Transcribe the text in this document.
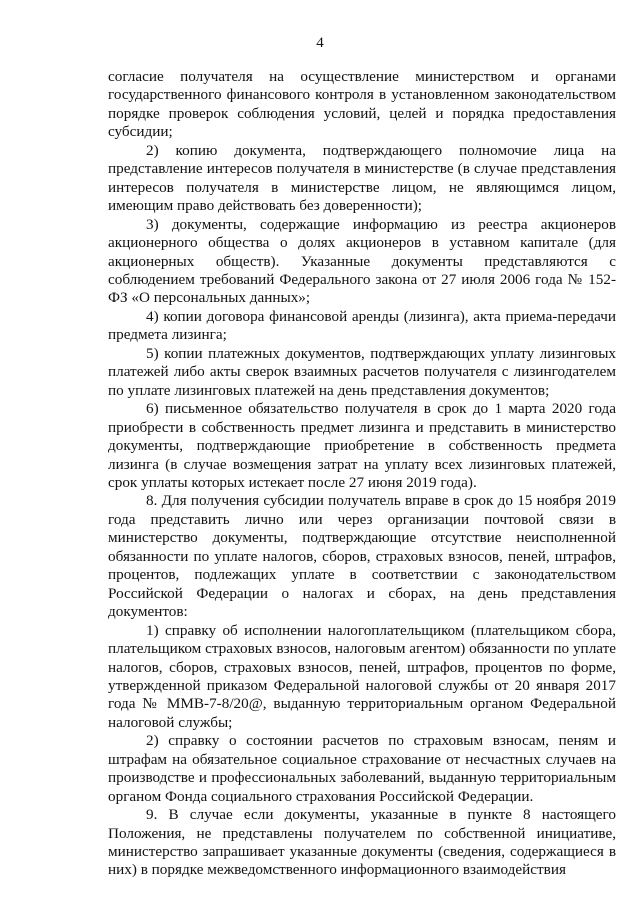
4

согласие получателя на осуществление министерством и органами государственного финансового контроля в установленном законодательством порядке проверок соблюдения условий, целей и порядка предоставления субсидии;

2) копию документа, подтверждающего полномочие лица на представление интересов получателя в министерстве (в случае представления интересов получателя в министерстве лицом, не являющимся лицом, имеющим право действовать без доверенности);

3) документы, содержащие информацию из реестра акционеров акционерного общества о долях акционеров в уставном капитале (для акционерных обществ). Указанные документы представляются с соблюдением требований Федерального закона от 27 июля 2006 года № 152-ФЗ «О персональных данных»;

4) копии договора финансовой аренды (лизинга), акта приема-передачи предмета лизинга;

5) копии платежных документов, подтверждающих уплату лизинговых платежей либо акты сверок взаимных расчетов получателя с лизингодателем по уплате лизинговых платежей на день представления документов;

6) письменное обязательство получателя в срок до 1 марта 2020 года приобрести в собственность предмет лизинга и представить в министерство документы, подтверждающие приобретение в собственность предмета лизинга (в случае возмещения затрат на уплату всех лизинговых платежей, срок уплаты которых истекает после 27 июня 2019 года).

8. Для получения субсидии получатель вправе в срок до 15 ноября 2019 года представить лично или через организации почтовой связи в министерство документы, подтверждающие отсутствие неисполненной обязанности по уплате налогов, сборов, страховых взносов, пеней, штрафов, процентов, подлежащих уплате в соответствии с законодательством Российской Федерации о налогах и сборах, на день представления документов:

1) справку об исполнении налогоплательщиком (плательщиком сбора, плательщиком страховых взносов, налоговым агентом) обязанности по уплате налогов, сборов, страховых взносов, пеней, штрафов, процентов по форме, утвержденной приказом Федеральной налоговой службы от 20 января 2017 года № ММВ-7-8/20@, выданную территориальным органом Федеральной налоговой службы;

2) справку о состоянии расчетов по страховым взносам, пеням и штрафам на обязательное социальное страхование от несчастных случаев на производстве и профессиональных заболеваний, выданную территориальным органом Фонда социального страхования Российской Федерации.

9. В случае если документы, указанные в пункте 8 настоящего Положения, не представлены получателем по собственной инициативе, министерство запрашивает указанные документы (сведения, содержащиеся в них) в порядке межведомственного информационного взаимодействия
